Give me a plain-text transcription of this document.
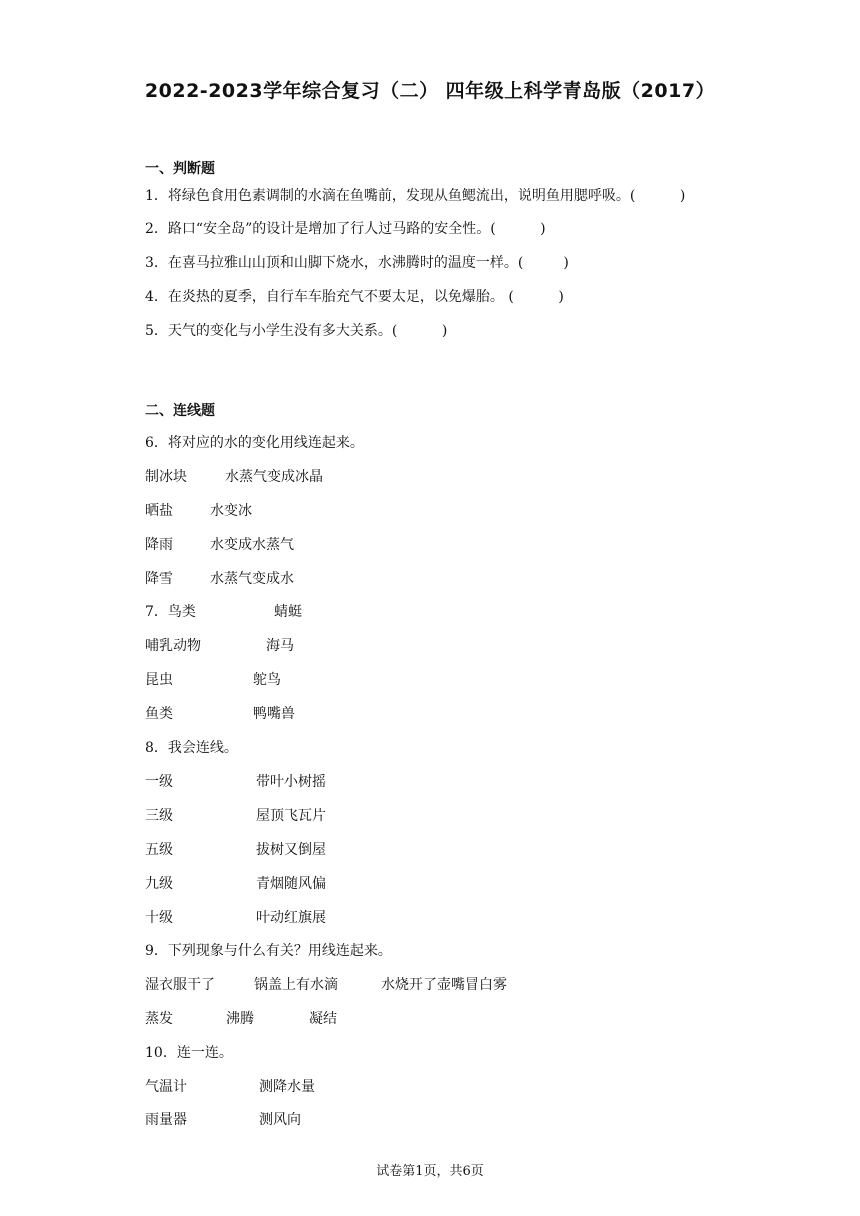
2022-2023学年综合复习（二） 四年级上科学青岛版（2017）
一、判断题
1．将绿色食用色素调制的水滴在鱼嘴前，发现从鱼鳃流出，说明鱼用腮呼吸。(          )
2．路口“安全岛”的设计是增加了行人过马路的安全性。(          )
3．在喜马拉雅山山顶和山脚下烧水，水沸腾时的温度一样。(         )
4．在炎热的夏季，自行车车胎充气不要太足，以免爆胎。 (          )
5．天气的变化与小学生没有多大关系。(          )
二、连线题
6．将对应的水的变化用线连起来。
制冰块	水蒸气变成冰晶
晒盐	水变冰
降雨	水变成水蒸气
降雪	水蒸气变成水
7．鸟类	蜻蜓
哺乳动物	海马
昆虫	鸵鸟
鱼类	鸭嘴兽
8．我会连线。
一级	带叶小树摇
三级	屋顶飞瓦片
五级	拔树又倒屋
九级	青烟随风偏
十级	叶动红旗展
9．下列现象与什么有关？用线连起来。
湿衣服干了	锅盖上有水滴	水烧开了壶嘴冒白雾
蒸发	沸腾	凝结
10．连一连。
气温计	测降水量
雨量器	测风向
试卷第1页，共6页
